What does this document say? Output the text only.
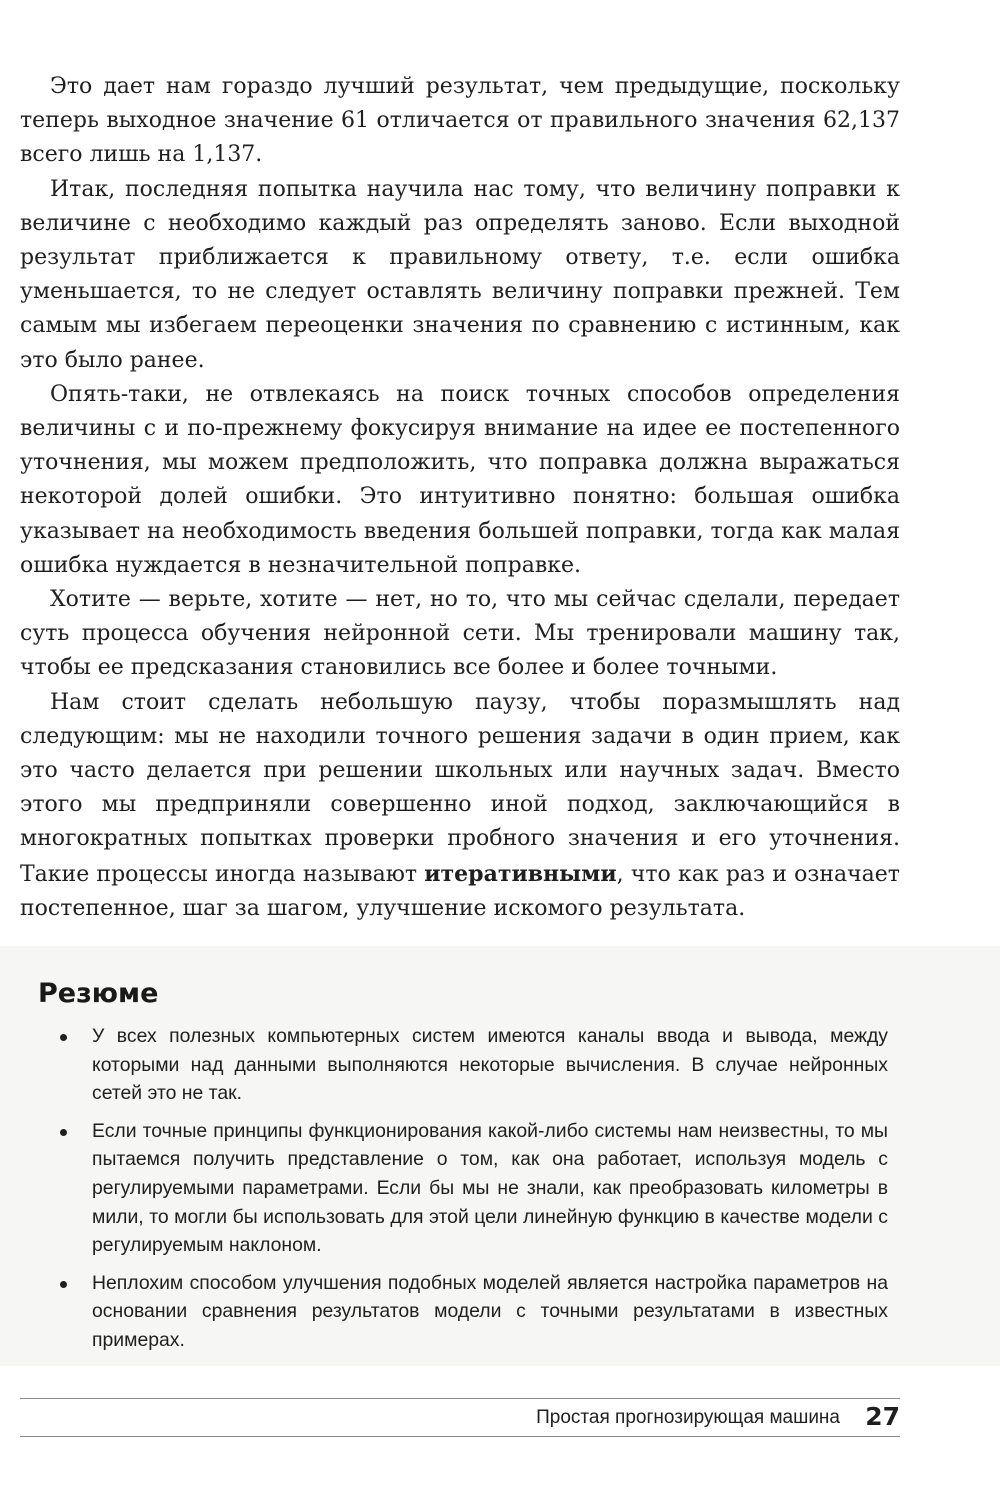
Это дает нам гораздо лучший результат, чем предыдущие, поскольку теперь выходное значение 61 отличается от правильного значения 62,137 всего лишь на 1,137.

Итак, последняя попытка научила нас тому, что величину поправки к величине с необходимо каждый раз определять заново. Если выходной результат приближается к правильному ответу, т.е. если ошибка уменьшается, то не следует оставлять величину поправки прежней. Тем самым мы избегаем переоценки значения по сравнению с истинным, как это было ранее.

Опять-таки, не отвлекаясь на поиск точных способов определения величины с и по-прежнему фокусируя внимание на идее ее постепенного уточнения, мы можем предположить, что поправка должна выражаться некоторой долей ошибки. Это интуитивно понятно: большая ошибка указывает на необходимость введения большей поправки, тогда как малая ошибка нуждается в незначительной поправке.

Хотите — верьте, хотите — нет, но то, что мы сейчас сделали, передает суть процесса обучения нейронной сети. Мы тренировали машину так, чтобы ее предсказания становились все более и более точными.

Нам стоит сделать небольшую паузу, чтобы поразмышлять над следующим: мы не находили точного решения задачи в один прием, как это часто делается при решении школьных или научных задач. Вместо этого мы предприняли совершенно иной подход, заключающийся в многократных попытках проверки пробного значения и его уточнения. Такие процессы иногда называют итеративными, что как раз и означает постепенное, шаг за шагом, улучшение искомого результата.

Резюме
У всех полезных компьютерных систем имеются каналы ввода и вывода, между которыми над данными выполняются некоторые вычисления. В случае нейронных сетей это не так.
Если точные принципы функционирования какой-либо системы нам неизвестны, то мы пытаемся получить представление о том, как она работает, используя модель с регулируемыми параметрами. Если бы мы не знали, как преобразовать километры в мили, то могли бы использовать для этой цели линейную функцию в качестве модели с регулируемым наклоном.
Неплохим способом улучшения подобных моделей является настройка параметров на основании сравнения результатов модели с точными результатами в известных примерах.
Простая прогнозирующая машина 27
